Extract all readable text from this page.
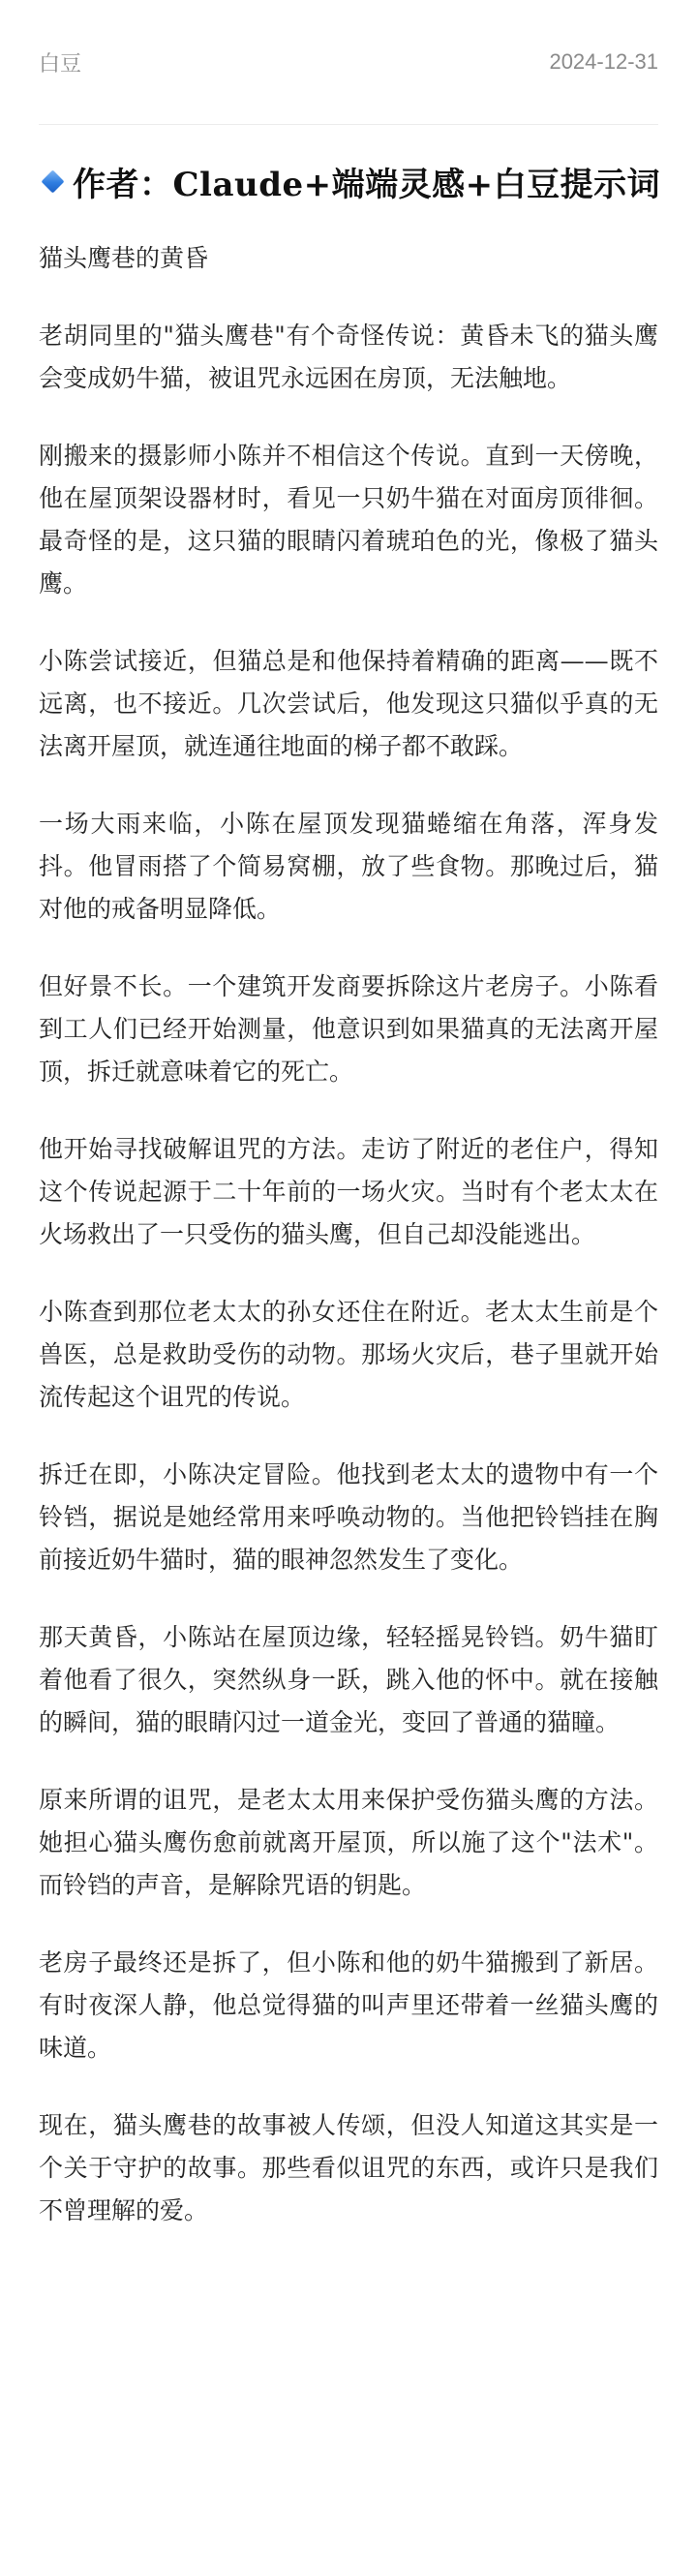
白豆	2024-12-31
作者：Claude+端端灵感+白豆提示词
猫头鹰巷的黄昏

老胡同里的"猫头鹰巷"有个奇怪传说：黄昏未飞的猫头鹰会变成奶牛猫，被诅咒永远困在房顶，无法触地。

刚搬来的摄影师小陈并不相信这个传说。直到一天傍晚，他在屋顶架设器材时，看见一只奶牛猫在对面房顶徘徊。最奇怪的是，这只猫的眼睛闪着琥珀色的光，像极了猫头鹰。

小陈尝试接近，但猫总是和他保持着精确的距离——既不远离，也不接近。几次尝试后，他发现这只猫似乎真的无法离开屋顶，就连通往地面的梯子都不敢踩。

一场大雨来临，小陈在屋顶发现猫蜷缩在角落，浑身发抖。他冒雨搭了个简易窝棚，放了些食物。那晚过后，猫对他的戒备明显降低。

但好景不长。一个建筑开发商要拆除这片老房子。小陈看到工人们已经开始测量，他意识到如果猫真的无法离开屋顶，拆迁就意味着它的死亡。

他开始寻找破解诅咒的方法。走访了附近的老住户，得知这个传说起源于二十年前的一场火灾。当时有个老太太在火场救出了一只受伤的猫头鹰，但自己却没能逃出。

小陈查到那位老太太的孙女还住在附近。老太太生前是个兽医，总是救助受伤的动物。那场火灾后，巷子里就开始流传起这个诅咒的传说。

拆迁在即，小陈决定冒险。他找到老太太的遗物中有一个铃铛，据说是她经常用来呼唤动物的。当他把铃铛挂在胸前接近奶牛猫时，猫的眼神忽然发生了变化。

那天黄昏，小陈站在屋顶边缘，轻轻摇晃铃铛。奶牛猫盯着他看了很久，突然纵身一跃，跳入他的怀中。就在接触的瞬间，猫的眼睛闪过一道金光，变回了普通的猫瞳。

原来所谓的诅咒，是老太太用来保护受伤猫头鹰的方法。她担心猫头鹰伤愈前就离开屋顶，所以施了这个"法术"。而铃铛的声音，是解除咒语的钥匙。

老房子最终还是拆了，但小陈和他的奶牛猫搬到了新居。有时夜深人静，他总觉得猫的叫声里还带着一丝猫头鹰的味道。

现在，猫头鹰巷的故事被人传颂，但没人知道这其实是一个关于守护的故事。那些看似诅咒的东西，或许只是我们不曾理解的爱。
